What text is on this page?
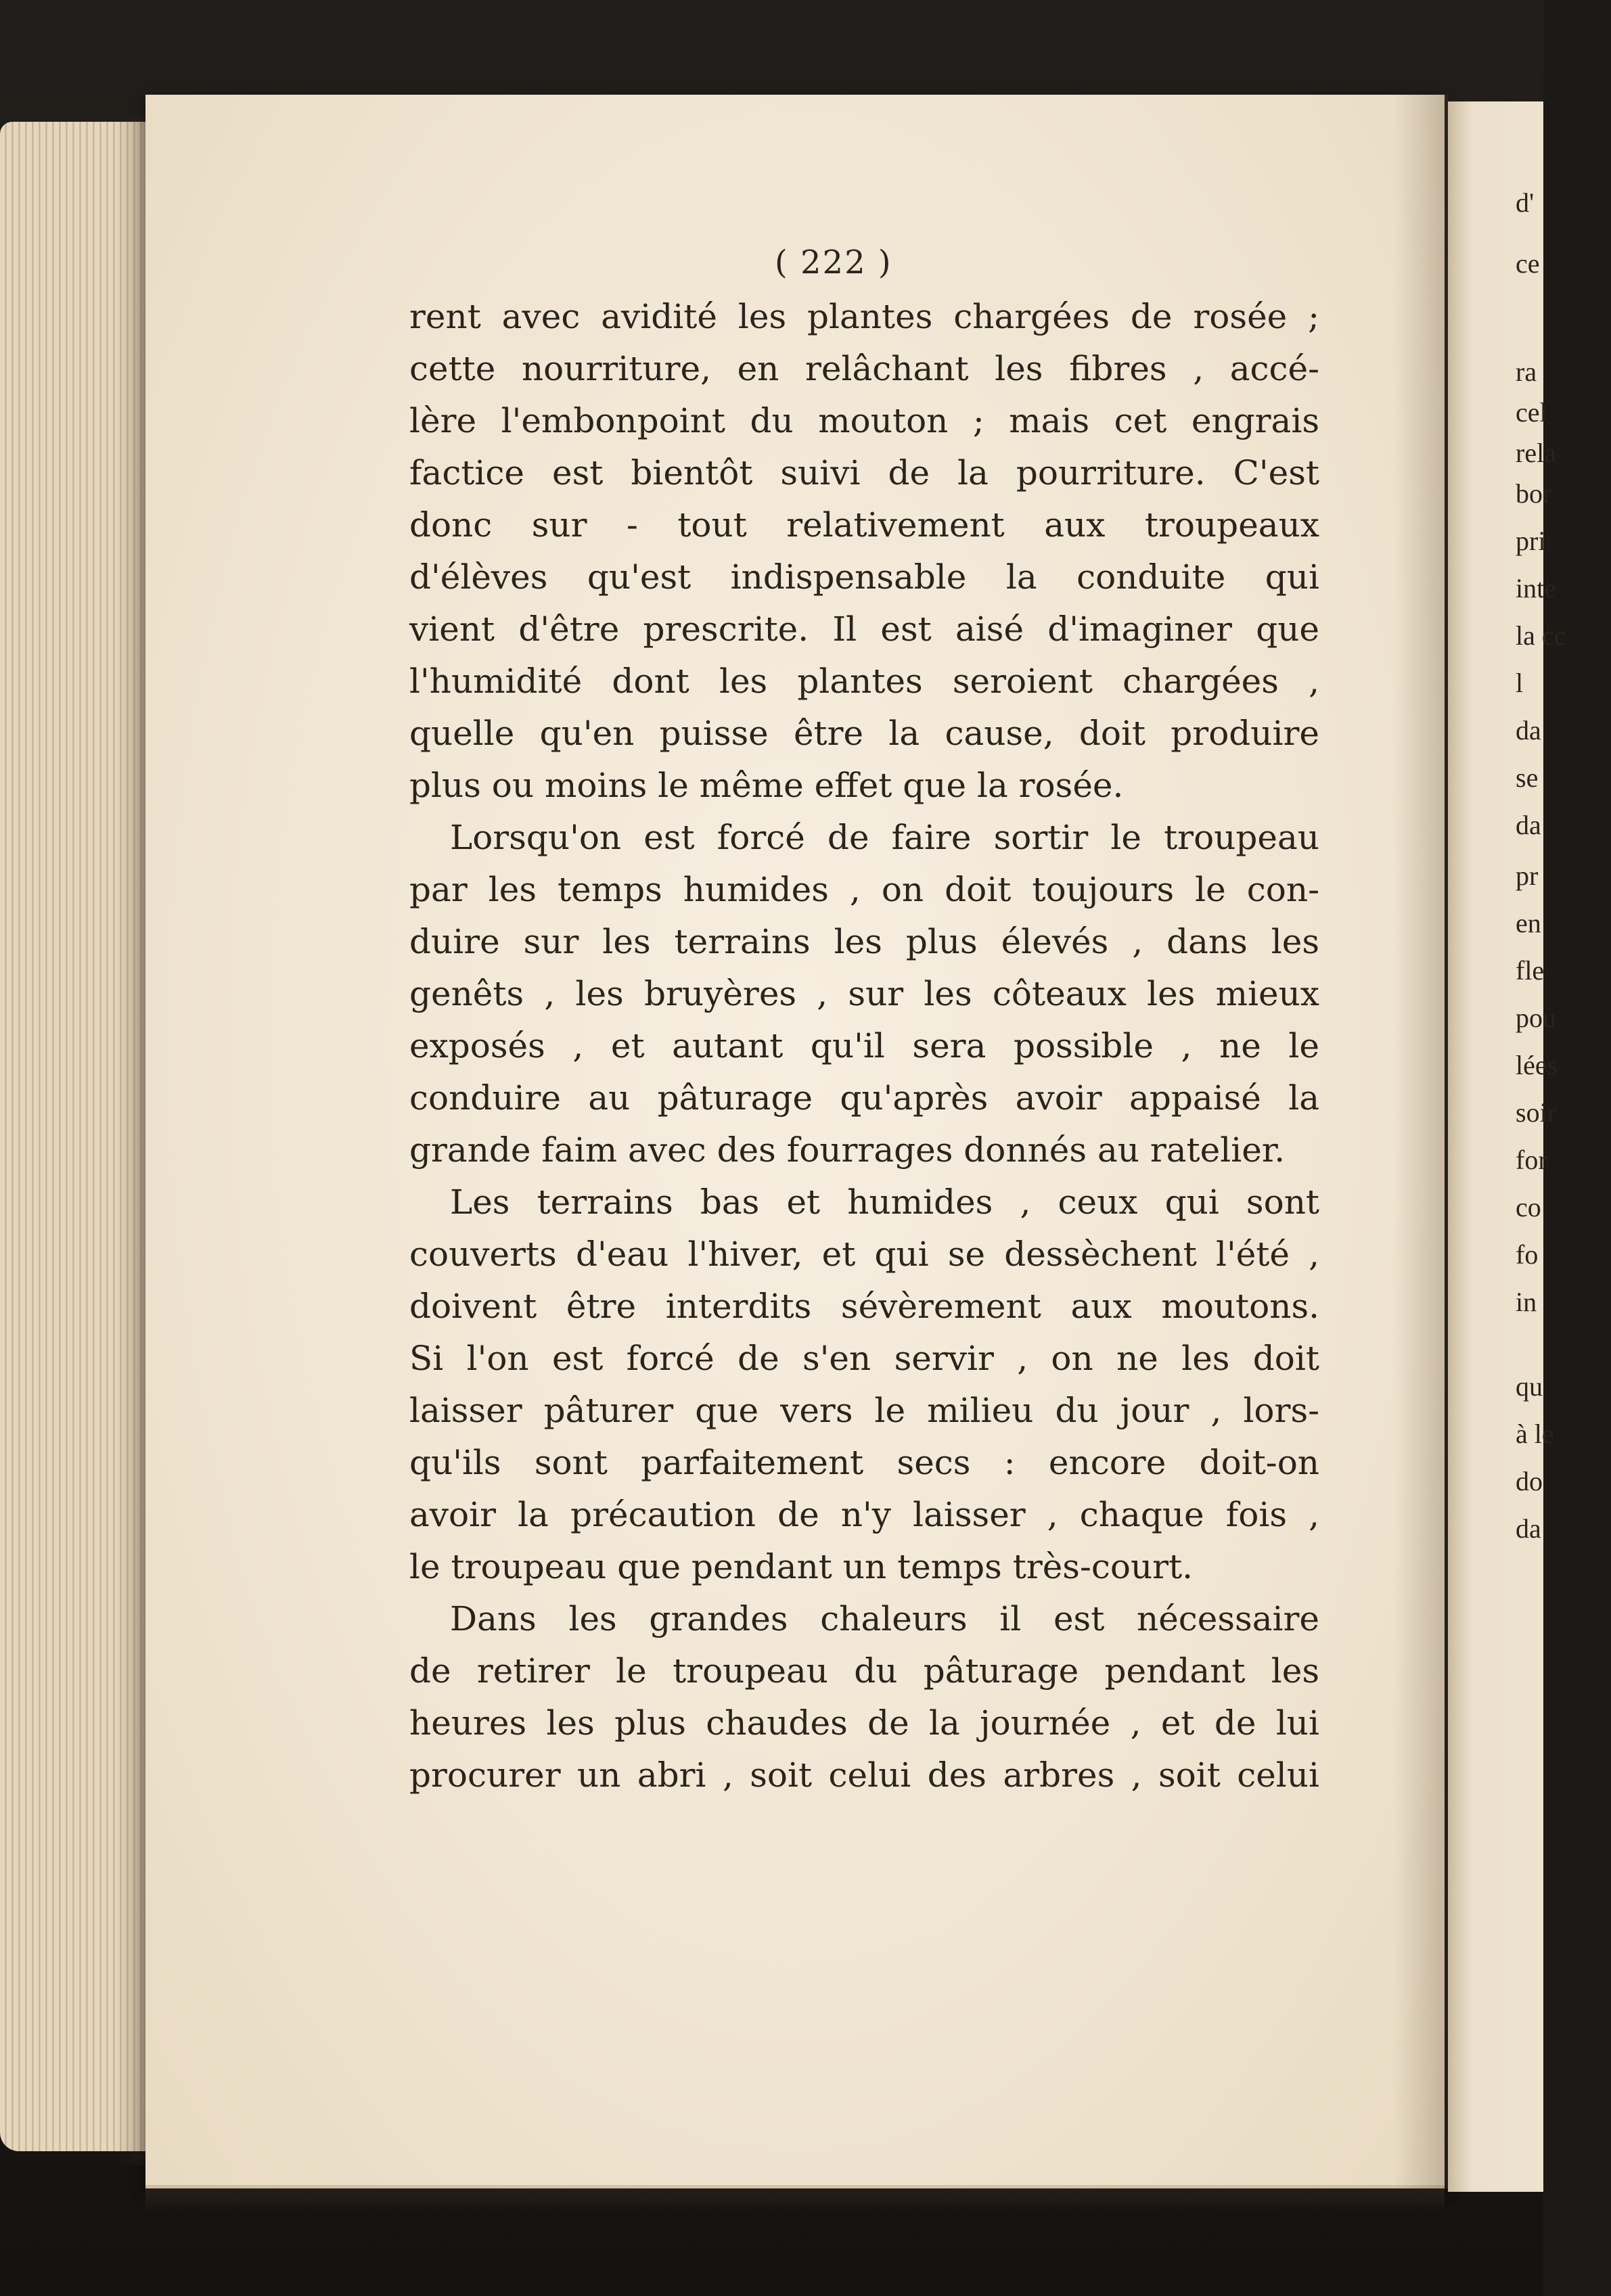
d'
ce
ra
cel
rela
bor
pri
inte
la cc
l
da
se
da
pr
en
fle
pou
lées
soir
for
co
fo
in
qu
à le
do
da

( 222 )

rent avec avidité les plantes chargées de rosée ;
cette nourriture, en relâchant les fibres , accé-
lère l'embonpoint du mouton ; mais cet engrais
factice est bientôt suivi de la pourriture. C'est
donc sur - tout relativement aux troupeaux
d'élèves qu'est indispensable la conduite qui
vient d'être prescrite. Il est aisé d'imaginer que
l'humidité dont les plantes seroient chargées ,
quelle qu'en puisse être la cause, doit produire
plus ou moins le même effet que la rosée.
Lorsqu'on est forcé de faire sortir le troupeau
par les temps humides , on doit toujours le con-
duire sur les terrains les plus élevés , dans les
genêts , les bruyères , sur les côteaux les mieux
exposés , et autant qu'il sera possible , ne le
conduire au pâturage qu'après avoir appaisé la
grande faim avec des fourrages donnés au ratelier.
Les terrains bas et humides , ceux qui sont
couverts d'eau l'hiver, et qui se dessèchent l'été ,
doivent être interdits sévèrement aux moutons.
Si l'on est forcé de s'en servir , on ne les doit
laisser pâturer que vers le milieu du jour , lors-
qu'ils sont parfaitement secs : encore doit-on
avoir la précaution de n'y laisser , chaque fois ,
le troupeau que pendant un temps très-court.
Dans les grandes chaleurs il est nécessaire
de retirer le troupeau du pâturage pendant les
heures les plus chaudes de la journée , et de lui
procurer un abri , soit celui des arbres , soit celui
